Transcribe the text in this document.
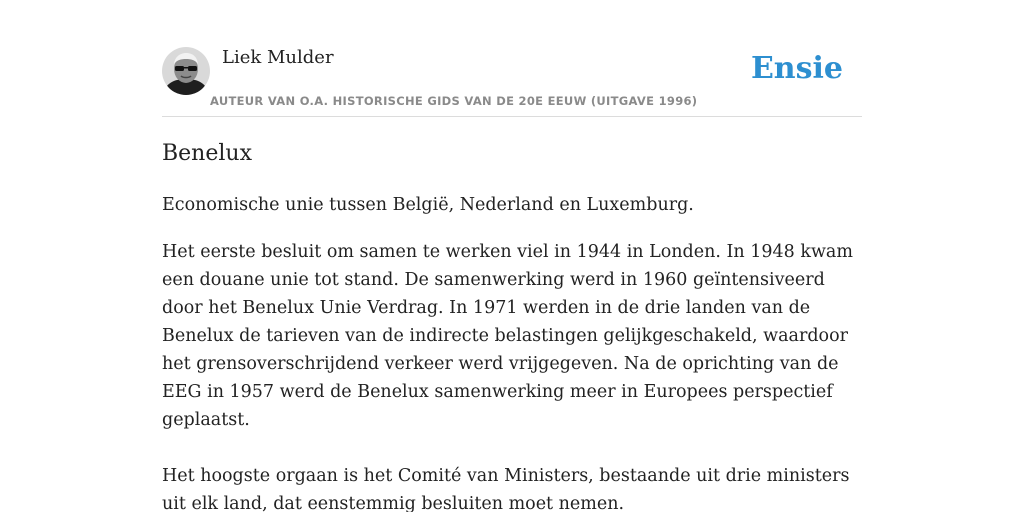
Liek Mulder
AUTEUR VAN O.A. HISTORISCHE GIDS VAN DE 20E EEUW (UITGAVE 1996)
Ensie
Benelux

Economische unie tussen België, Nederland en Luxemburg.

Het eerste besluit om samen te werken viel in 1944 in Londen. In 1948 kwam een douane unie tot stand. De samenwerking werd in 1960 geïntensiveerd door het Benelux Unie Verdrag. In 1971 werden in de drie landen van de Benelux de tarieven van de indirecte belastingen gelijkgeschakeld, waardoor het grensoverschrijdend verkeer werd vrijgegeven. Na de oprichting van de EEG in 1957 werd de Benelux samenwerking meer in Europees perspectief geplaatst.

Het hoogste orgaan is het Comité van Ministers, bestaande uit drie ministers uit elk land, dat eenstemmig besluiten moet nemen.
